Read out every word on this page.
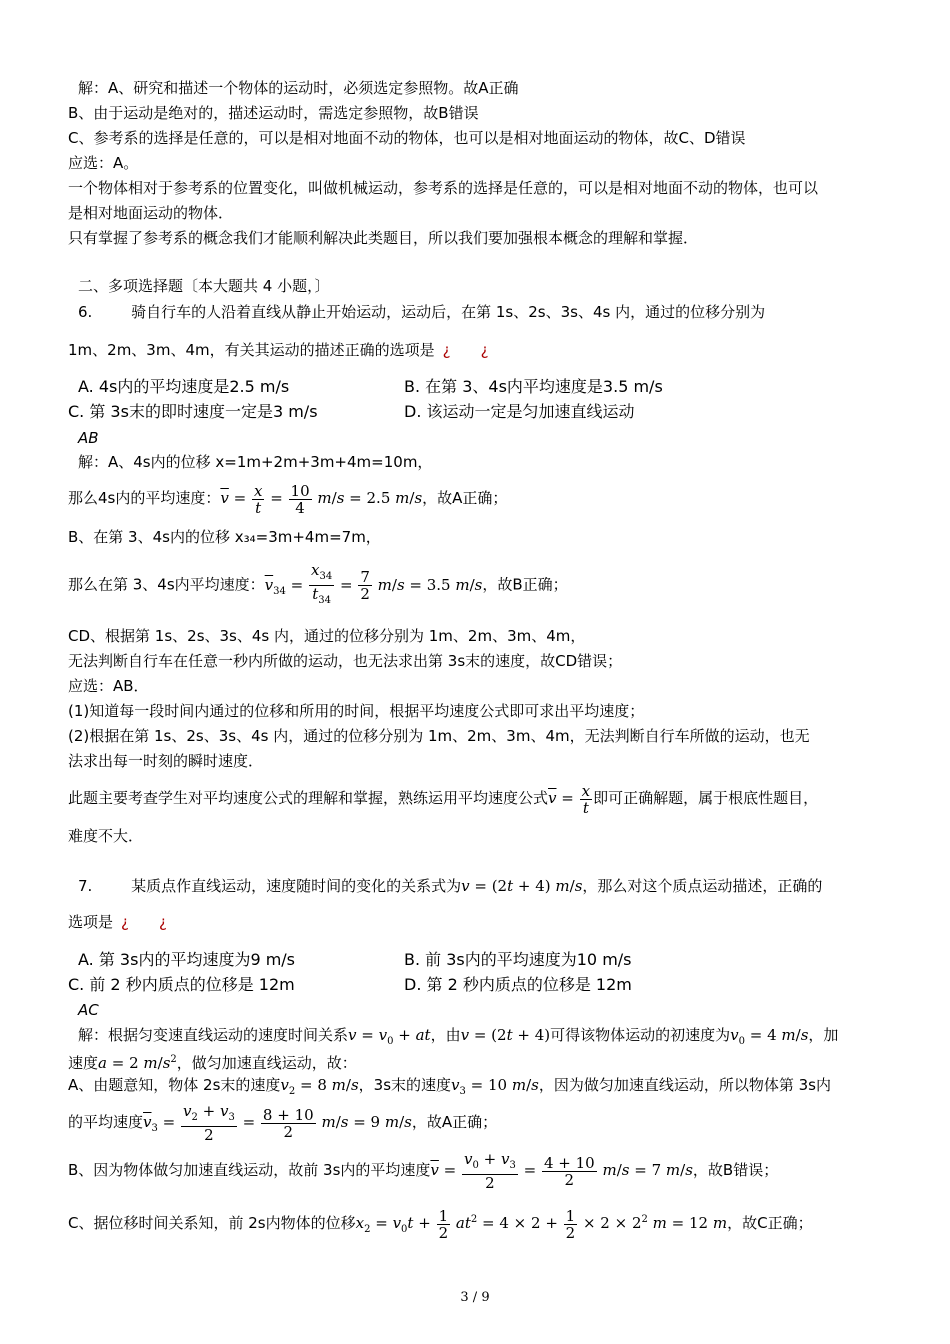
解：A、研究和描述一个物体的运动时，必须选定参照物。故A正确
B、由于运动是绝对的，描述运动时，需选定参照物，故B错误
C、参考系的选择是任意的，可以是相对地面不动的物体，也可以是相对地面运动的物体，故C、D错误
应选：A。
一个物体相对于参考系的位置变化，叫做机械运动，参考系的选择是任意的，可以是相对地面不动的物体，也可以
是相对地面运动的物体．
只有掌握了参考系的概念我们才能顺利解决此类题目，所以我们要加强根本概念的理解和掌握．
二、多项选择题〔本大题共 4 小题，〕
6.	骑自行车的人沿着直线从静止开始运动，运动后，在第 1s、2s、3s、4s 内，通过的位移分别为
1m、2m、3m、4m，有关其运动的描述正确的选项是 ¿ ¿
A. 4s内的平均速度是2.5 m/s	B. 在第 3、4s内平均速度是3.5 m/s
C. 第 3s末的即时速度一定是3 m/s	D. 该运动一定是匀加速直线运动
AB
解：A、4s内的位移 x=1m+2m+3m+4m=10m，
那么4s内的平均速度：$\overline{v} = \frac{x}{t} = \frac{10}{4} m/s = 2.5$ m/s，故A正确；
B、在第 3、4s内的位移 x₃₄=3m+4m=7m，
那么在第 3、4s内平均速度：$\overline{v}_{34} = \frac{x_{34}}{t_{34}} = \frac{7}{2} m/s = 3.5$ m/s，故B正确；
CD、根据第 1s、2s、3s、4s 内，通过的位移分别为 1m、2m、3m、4m，
无法判断自行车在任意一秒内所做的运动，也无法求出第 3s末的速度，故CD错误；
应选：AB．
(1)知道每一段时间内通过的位移和所用的时间，根据平均速度公式即可求出平均速度；
(2)根据在第 1s、2s、3s、4s 内，通过的位移分别为 1m、2m、3m、4m，无法判断自行车所做的运动，也无
法求出每一时刻的瞬时速度．
此题主要考查学生对平均速度公式的理解和掌握，熟练运用平均速度公式$\overline{v} = \frac{x}{t}$ 即可正确解题，属于根底性题目，
难度不大．
7.	某质点作直线运动，速度随时间的变化的关系式为v = (2t + 4) m/s，那么对这个质点运动描述，正确的
选项是 ¿ ¿
A. 第 3s内的平均速度为9 m/s	B. 前 3s内的平均速度为10 m/s
C. 前 2 秒内质点的位移是 12m	D. 第 2 秒内质点的位移是 12m
AC
解：根据匀变速直线运动的速度时间关系$v = v_0$ + at，由v = (2t + 4)可得该物体运动的初速度为$v_0 = 4$ m/s，加
速度a = 2 $m/s^2$，做匀加速直线运动，故：
A、由题意知，物体 2s末的速度$v_2 = 8$ m/s，3s末的速度$v_3 = 10$ m/s，因为做匀加速直线运动，所以物体第 3s内
的平均速度$\overline{v}_3 = \frac{v_2 + v_3}{2} = \frac{8 + 10}{2} m/s = 9$ m/s，故A正确；
B、因为物体做匀加速直线运动，故前 3s内的平均速度$\overline{v} = \frac{v_0 + v_3}{2} = \frac{4 + 10}{2} m/s = 7$ m/s，故B错误；
C、据位移时间关系知，前 2s内物体的位移$x_2 = v_0t + \frac{1}{2} at^2 = 4 \times 2 + \frac{1}{2} \times 2 \times 2^2$ m = 12 m，故C正确；
3 / 9
